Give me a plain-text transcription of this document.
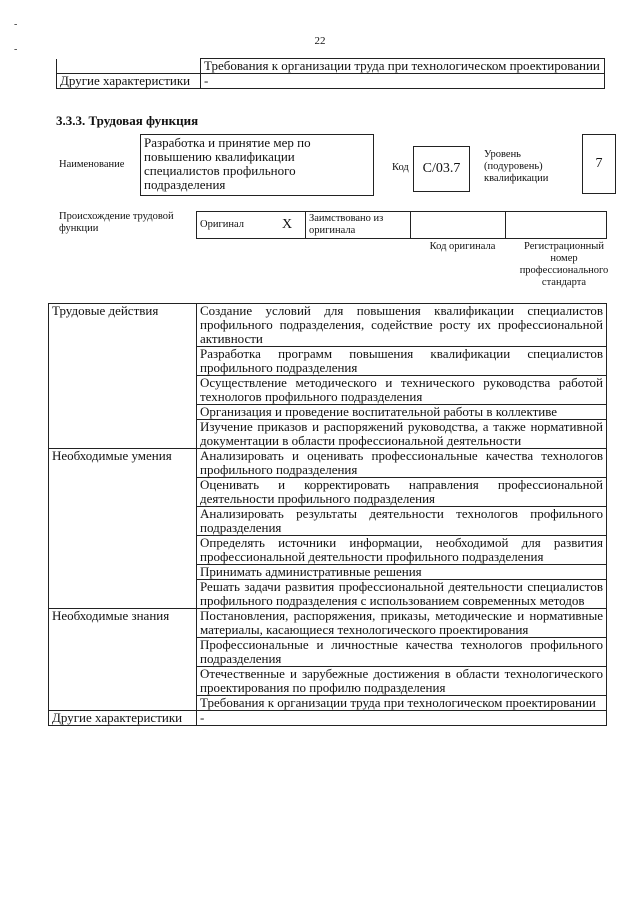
22
-
-
	Требования к организации труда при технологическом проектировании
Другие характеристики	-
3.3.3. Трудовая функция
Наименование
Разработка и принятие мер по повышению квалификации специалистов профильного подразделения
Код C/03.7
Уровень (подуровень) квалификации
7
Происхождение трудовой функции	Оригинал	X	Заимствовано из оригинала		
Код оригинала	Регистрационный номер профессионального стандарта
Трудовые действия	Создание условий для повышения квалификации специалистов профильного подразделения, содействие росту их профессиональной активности
	Разработка программ повышения квалификации специалистов профильного подразделения
	Осуществление методического и технического руководства работой технологов профильного подразделения
	Организация и проведение воспитательной работы в коллективе
	Изучение приказов и распоряжений руководства, а также нормативной документации в области профессиональной деятельности
Необходимые умения	Анализировать и оценивать профессиональные качества технологов профильного подразделения
	Оценивать и корректировать направления профессиональной деятельности профильного подразделения
	Анализировать результаты деятельности технологов профильного подразделения
	Определять источники информации, необходимой для развития профессиональной деятельности профильного подразделения
	Принимать административные решения
	Решать задачи развития профессиональной деятельности специалистов профильного подразделения с использованием современных методов
Необходимые знания	Постановления, распоряжения, приказы, методические и нормативные материалы, касающиеся технологического проектирования
	Профессиональные и личностные качества технологов профильного подразделения
	Отечественные и зарубежные достижения в области технологического проектирования по профилю подразделения
	Требования к организации труда при технологическом проектировании
Другие характеристики	-
